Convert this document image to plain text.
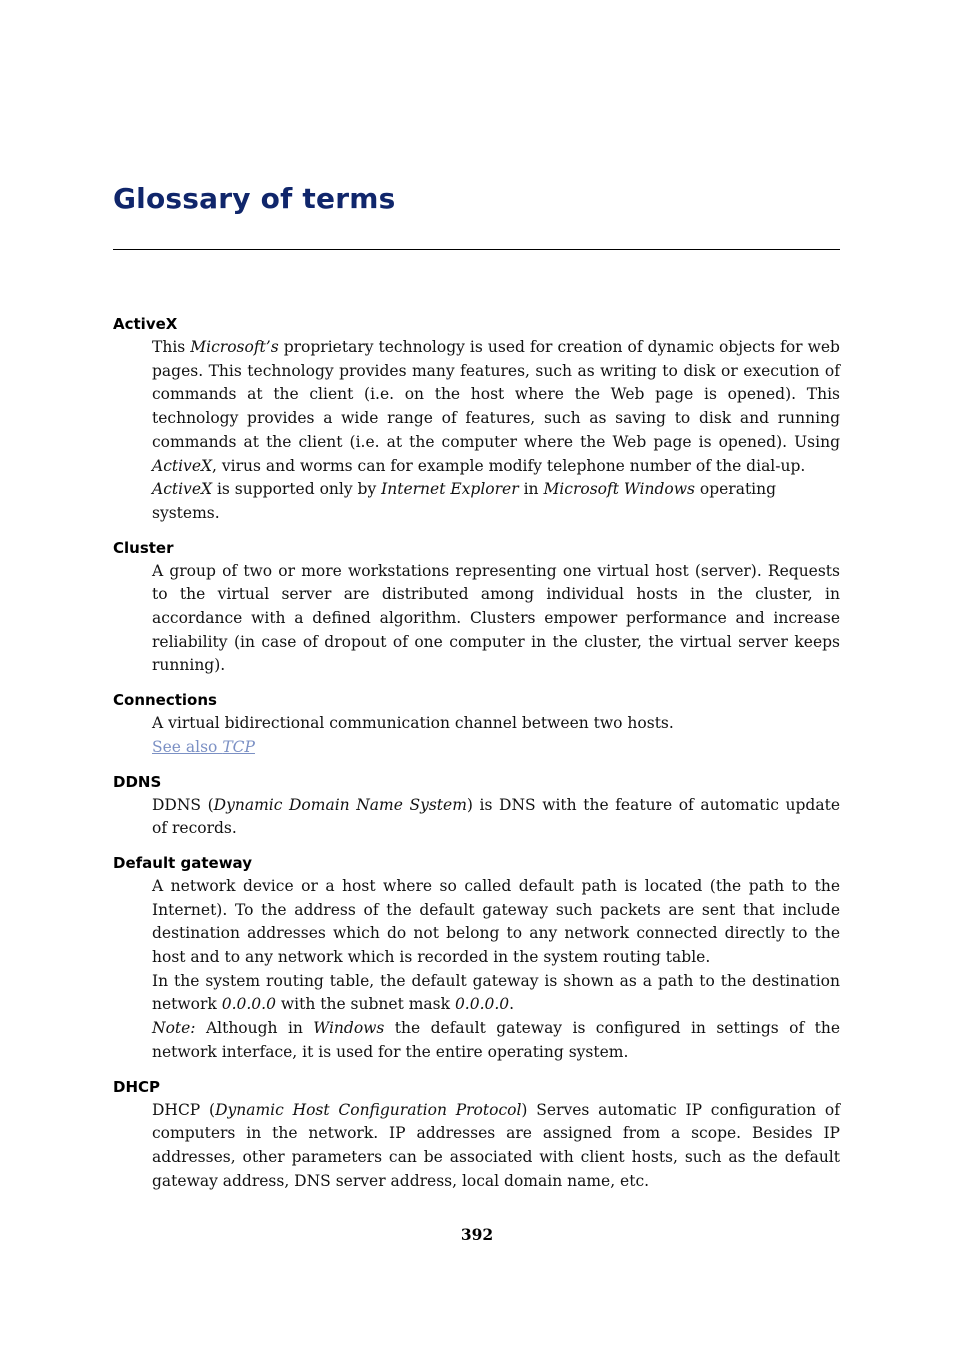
Glossary of terms
ActiveX

This Microsoft’s proprietary technology is used for creation of dynamic objects for web pages. This technology provides many features, such as writing to disk or execution of commands at the client (i.e. on the host where the Web page is opened). This technology provides a wide range of features, such as saving to disk and running commands at the client (i.e. at the computer where the Web page is opened). Using ActiveX, virus and worms can for example modify telephone number of the dial-up.

ActiveX is supported only by Internet Explorer in Microsoft Windows operating systems.

Cluster

A group of two or more workstations representing one virtual host (server). Requests to the virtual server are distributed among individual hosts in the cluster, in accordance with a defined algorithm. Clusters empower performance and increase reliability (in case of dropout of one computer in the cluster, the virtual server keeps running).

Connections

A virtual bidirectional communication channel between two hosts.

See also TCP

DDNS

DDNS (Dynamic Domain Name System) is DNS with the feature of automatic update of records.

Default gateway

A network device or a host where so called default path is located (the path to the Internet). To the address of the default gateway such packets are sent that include destination addresses which do not belong to any network connected directly to the host and to any network which is recorded in the system routing table.

In the system routing table, the default gateway is shown as a path to the destination network 0.0.0.0 with the subnet mask 0.0.0.0.

Note: Although in Windows the default gateway is configured in settings of the network interface, it is used for the entire operating system.

DHCP

DHCP (Dynamic Host Configuration Protocol) Serves automatic IP configuration of computers in the network. IP addresses are assigned from a scope. Besides IP addresses, other parameters can be associated with client hosts, such as the default gateway address, DNS server address, local domain name, etc.

392
